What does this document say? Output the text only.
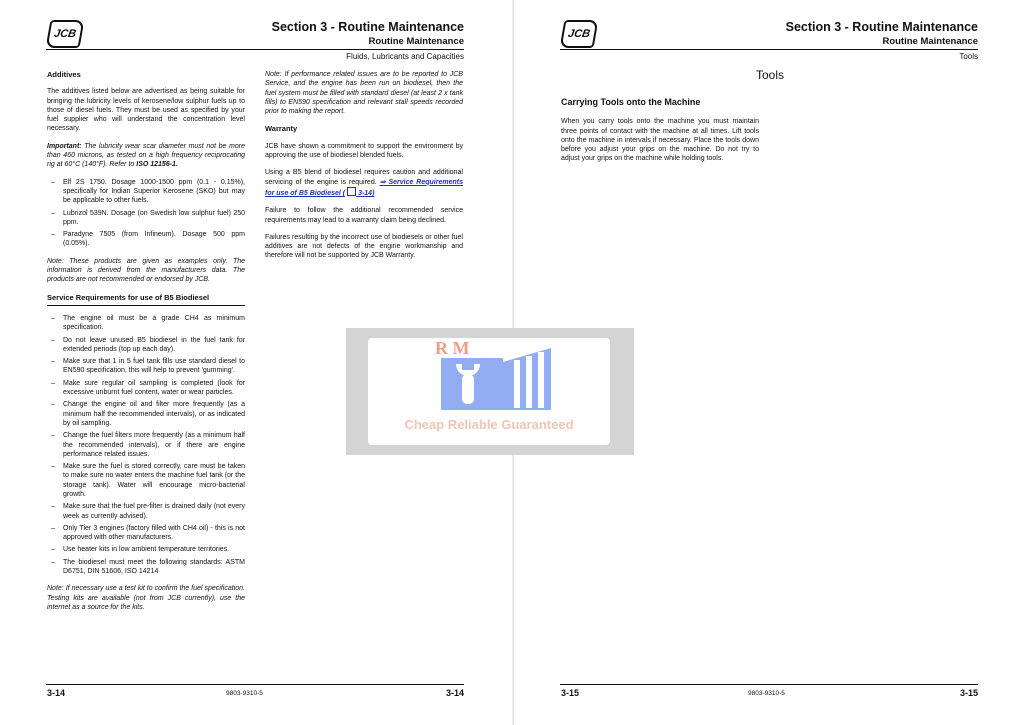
JCB	Section 3 - Routine Maintenance
Routine Maintenance
Fluids, Lubricants and Capacities
Additives

The additives listed below are advertised as being suitable for bringing the lubricity levels of kerosene/low sulphur fuels up to those of diesel fuels. They must be used as specified by your fuel supplier who will understand the concentration level necessary.

Important: The lubricity wear scar diameter must not be more than 460 microns, as tested on a high frequency reciprocating rig at 60°C (140°F). Refer to ISO 12156-1.

– Elf 2S 1750. Dosage 1000-1500 ppm (0.1 - 0.15%), specifically for Indian Superior Kerosene (SKO) but may be applicable to other fuels.
– Lubrizol 539N. Dosage (on Swedish low sulphur fuel) 250 ppm.
– Paradyne 7505 (from Infineum). Dosage 500 ppm (0.05%).

Note: These products are given as examples only. The information is derived from the manufacturers data. The products are not recommended or endorsed by JCB.

Service Requirements for use of B5 Biodiesel
– The engine oil must be a grade CH4 as minimum specification.
– Do not leave unused B5 biodiesel in the fuel tank for extended periods (top up each day).
– Make sure that 1 in 5 fuel tank fills use standard diesel to EN590 specification, this will help to prevent 'gumming'.
– Make sure regular oil sampling is completed (look for excessive unburnt fuel content, water or wear particles.
– Change the engine oil and filter more frequently (as a minimum half the recommended intervals), or as indicated by oil sampling.
– Change the fuel filters more frequently (as a minimum half the recommended intervals), or if there are engine performance related issues.
– Make sure the fuel is stored correctly, care must be taken to make sure no water enters the machine fuel tank (or the storage tank). Water will encourage micro-bacterial growth.
– Make sure that the fuel pre-filter is drained daily (not every week as currently advised).
– Only Tier 3 engines (factory filled with CH4 oil) - this is not approved with other manufacturers.
– Use heater kits in low ambient temperature territories.
– The biodiesel must meet the following standards: ASTM D6751, DIN 51606, ISO 14214

Note: If necessary use a test kit to confirm the fuel specification. Testing kits are available (not from JCB currently), use the internet as a source for the kits.

Note: If performance related issues are to be reported to JCB Service, and the engine has been run on biodiesel, then the fuel system must be filled with standard diesel (at least 2 x tank fills) to EN590 specification and relevant stall speeds recorded prior to making the report.

Warranty

JCB have shown a commitment to support the environment by approving the use of biodiesel blended fuels.

Using a B5 blend of biodiesel requires caution and additional servicing of the engine is required. ⇒ Service Requirements for use of B5 Biodiesel ( 3-14)

Failure to follow the additional recommended service requirements may lead to a warranty claim being declined.

Failures resulting by the incorrect use of biodiesels or other fuel additives are not defects of the engine workmanship and therefore will not be supported by JCB Warranty.

3-14	9803-9310-5	3-14
JCB	Section 3 - Routine Maintenance
Routine Maintenance
Tools
Tools
Carrying Tools onto the Machine

When you carry tools onto the machine you must maintain three points of contact with the machine at all times. Lift tools onto the machine in intervals if necessary. Place the tools down before you adjust your grips on the machine. Do not try to adjust your grips on the machine while holding tools.

3-15	9803-9310-5	3-15
R M
Cheap Reliable Guaranteed
